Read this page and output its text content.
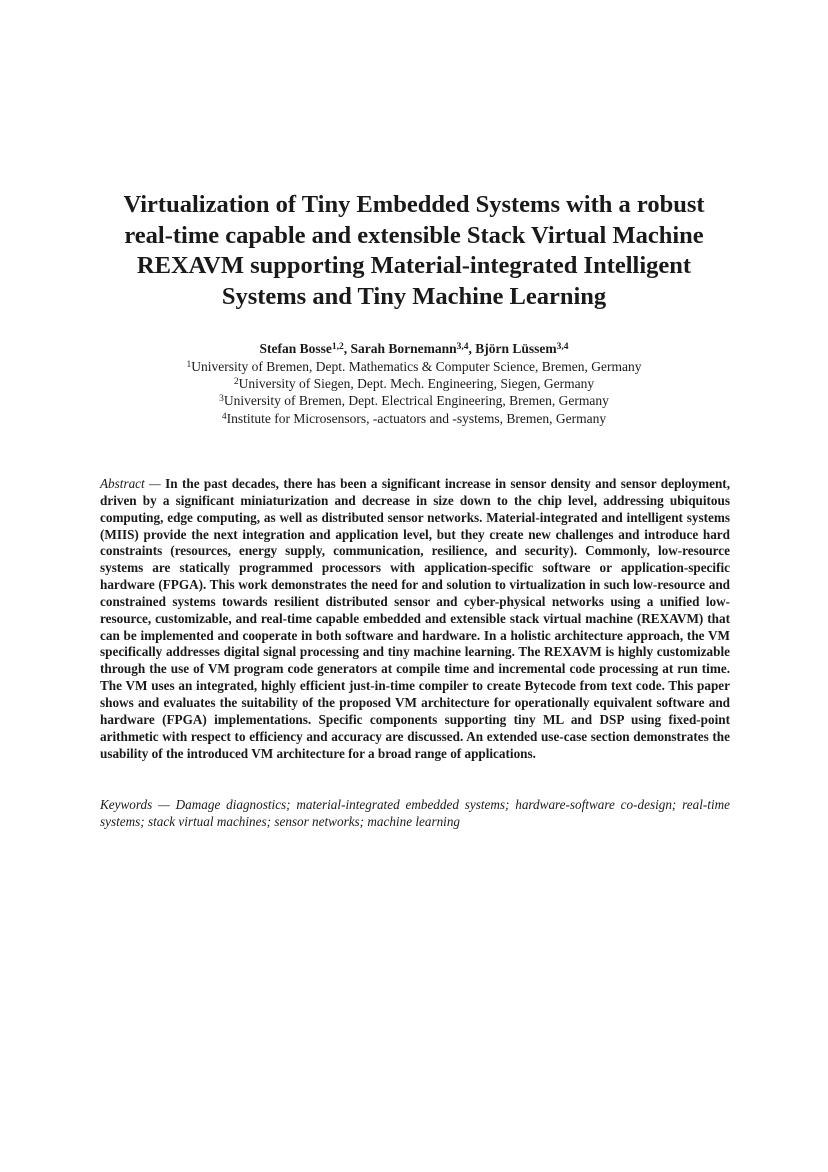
Virtualization of Tiny Embedded Systems with a robust
real-time capable and extensible Stack Virtual Machine
REXAVM supporting Material-integrated Intelligent
Systems and Tiny Machine Learning
Stefan Bosse$^{1,2}$, Sarah Bornemann$^{3,4}$, Björn Lüssem$^{3,4}$
$^1$University of Bremen, Dept. Mathematics & Computer Science, Bremen, Germany
$^2$University of Siegen, Dept. Mech. Engineering, Siegen, Germany
$^3$University of Bremen, Dept. Electrical Engineering, Bremen, Germany
$^4$Institute for Microsensors, -actuators and -systems, Bremen, Germany

Abstract — In the past decades, there has been a significant increase in sensor density and sensor deployment, driven by a significant miniaturization and decrease in size down to the chip level, addressing ubiquitous computing, edge computing, as well as distributed sensor networks. Material-integrated and intelligent systems (MIIS) provide the next integration and application level, but they create new challenges and introduce hard constraints (resources, energy supply, communication, resilience, and security). Commonly, low-resource systems are statically programmed processors with application-specific software or application-specific hardware (FPGA). This work demonstrates the need for and solution to virtualization in such low-resource and constrained systems towards resilient distributed sensor and cyber-physical networks using a unified low-resource, customizable, and real-time capable embedded and extensible stack virtual machine (REXAVM) that can be implemented and cooperate in both software and hardware. In a holistic architecture approach, the VM specifically addresses digital signal processing and tiny machine learning. The REXAVM is highly customizable through the use of VM program code generators at compile time and incremental code processing at run time. The VM uses an integrated, highly efficient just-in-time compiler to create Bytecode from text code. This paper shows and evaluates the suitability of the proposed VM architecture for operationally equivalent software and hardware (FPGA) implementations. Specific components supporting tiny ML and DSP using fixed-point arithmetic with respect to efficiency and accuracy are discussed. An extended use-case section demonstrates the usability of the introduced VM architecture for a broad range of applications.

Keywords — Damage diagnostics; material-integrated embedded systems; hardware-software co-design; real-time systems; stack virtual machines; sensor networks; machine learning
